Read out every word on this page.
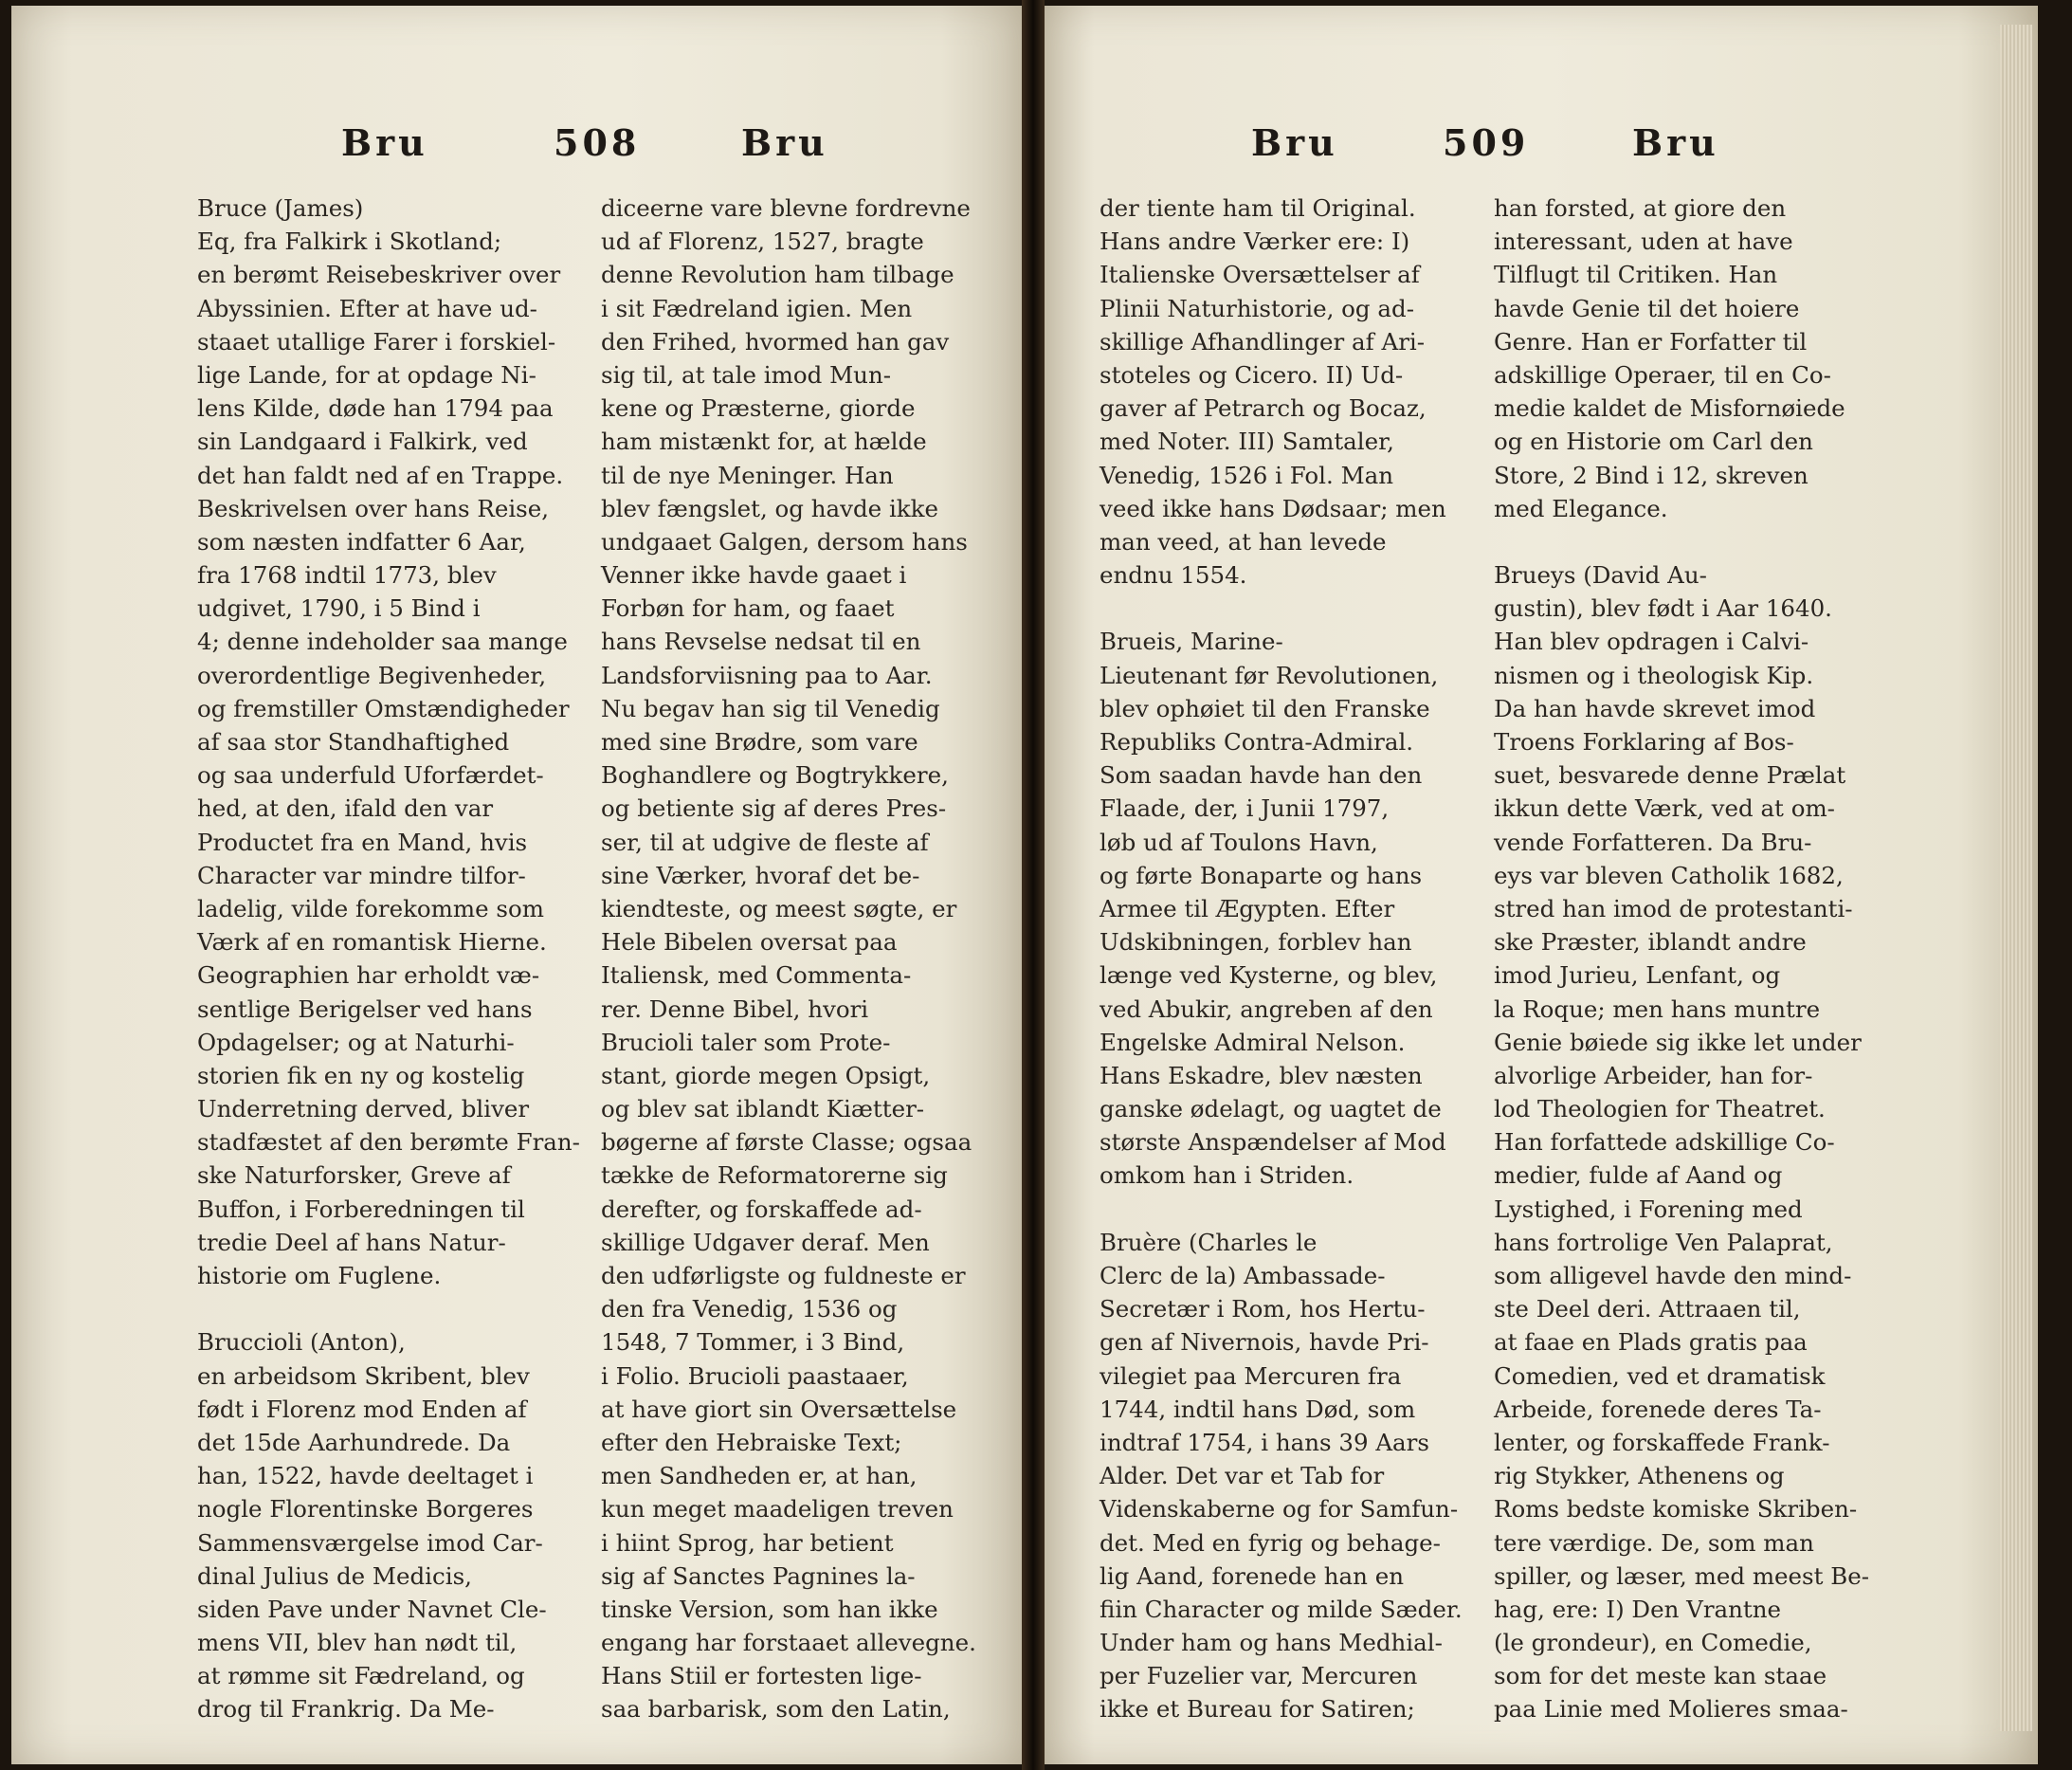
Bru	508	Bru
Bruce (James)
Eq, fra Falkirk i Skotland;
en berømt Reisebeskriver over
Abyssinien. Efter at have ud-
staaet utallige Farer i forskiel-
lige Lande, for at opdage Ni-
lens Kilde, døde han 1794 paa
sin Landgaard i Falkirk, ved
det han faldt ned af en Trappe.
Beskrivelsen over hans Reise,
som næsten indfatter 6 Aar,
fra 1768 indtil 1773, blev
udgivet, 1790, i 5 Bind i
4; denne indeholder saa mange
overordentlige Begivenheder,
og fremstiller Omstændigheder
af saa stor Standhaftighed
og saa underfuld Uforfærdet-
hed, at den, ifald den var
Productet fra en Mand, hvis
Character var mindre tilfor-
ladelig, vilde forekomme som
Værk af en romantisk Hierne.
Geographien har erholdt væ-
sentlige Berigelser ved hans
Opdagelser; og at Naturhi-
storien fik en ny og kostelig
Underretning derved, bliver
stadfæstet af den berømte Fran-
ske Naturforsker, Greve af
Buffon, i Forberedningen til
tredie Deel af hans Natur-
historie om Fuglene.
Bruccioli (Anton),
en arbeidsom Skribent, blev
født i Florenz mod Enden af
det 15de Aarhundrede. Da
han, 1522, havde deeltaget i
nogle Florentinske Borgeres
Sammensværgelse imod Car-
dinal Julius de Medicis,
siden Pave under Navnet Cle-
mens VII, blev han nødt til,
at rømme sit Fædreland, og
drog til Frankrig. Da Me-
diceerne vare blevne fordrevne
ud af Florenz, 1527, bragte
denne Revolution ham tilbage
i sit Fædreland igien. Men
den Frihed, hvormed han gav
sig til, at tale imod Mun-
kene og Præsterne, giorde
ham mistænkt for, at hælde
til de nye Meninger. Han
blev fængslet, og havde ikke
undgaaet Galgen, dersom hans
Venner ikke havde gaaet i
Forbøn for ham, og faaet
hans Revselse nedsat til en
Landsforviisning paa to Aar.
Nu begav han sig til Venedig
med sine Brødre, som vare
Boghandlere og Bogtrykkere,
og betiente sig af deres Pres-
ser, til at udgive de fleste af
sine Værker, hvoraf det be-
kiendteste, og meest søgte, er
Hele Bibelen oversat paa
Italiensk, med Commenta-
rer. Denne Bibel, hvori
Brucioli taler som Prote-
stant, giorde megen Opsigt,
og blev sat iblandt Kiætter-
bøgerne af første Classe; ogsaa
tække de Reformatorerne sig
derefter, og forskaffede ad-
skillige Udgaver deraf. Men
den udførligste og fuldneste er
den fra Venedig, 1536 og
1548, 7 Tommer, i 3 Bind,
i Folio. Brucioli paastaaer,
at have giort sin Oversættelse
efter den Hebraiske Text;
men Sandheden er, at han,
kun meget maadeligen treven
i hiint Sprog, har betient
sig af Sanctes Pagnines la-
tinske Version, som han ikke
engang har forstaaet allevegne.
Hans Stiil er fortesten lige-
saa barbarisk, som den Latin,
Bru	509	Bru
der tiente ham til Original.
Hans andre Værker ere: I)
Italienske Oversættelser af
Plinii Naturhistorie, og ad-
skillige Afhandlinger af Ari-
stoteles og Cicero. II) Ud-
gaver af Petrarch og Bocaz,
med Noter. III) Samtaler,
Venedig, 1526 i Fol. Man
veed ikke hans Dødsaar; men
man veed, at han levede
endnu 1554.
Brueis, Marine-
Lieutenant før Revolutionen,
blev ophøiet til den Franske
Republiks Contra-Admiral.
Som saadan havde han den
Flaade, der, i Junii 1797,
løb ud af Toulons Havn,
og førte Bonaparte og hans
Armee til Ægypten. Efter
Udskibningen, forblev han
længe ved Kysterne, og blev,
ved Abukir, angreben af den
Engelske Admiral Nelson.
Hans Eskadre, blev næsten
ganske ødelagt, og uagtet de
største Anspændelser af Mod
omkom han i Striden.
Bruère (Charles le
Clerc de la) Ambassade-
Secretær i Rom, hos Hertu-
gen af Nivernois, havde Pri-
vilegiet paa Mercuren fra
1744, indtil hans Død, som
indtraf 1754, i hans 39 Aars
Alder. Det var et Tab for
Videnskaberne og for Samfun-
det. Med en fyrig og behage-
lig Aand, forenede han en
fiin Character og milde Sæder.
Under ham og hans Medhial-
per Fuzelier var, Mercuren
ikke et Bureau for Satiren;
han forsted, at giore den
interessant, uden at have
Tilflugt til Critiken. Han
havde Genie til det hoiere
Genre. Han er Forfatter til
adskillige Operaer, til en Co-
medie kaldet de Misfornøiede
og en Historie om Carl den
Store, 2 Bind i 12, skreven
med Elegance.
Brueys (David Au-
gustin), blev født i Aar 1640.
Han blev opdragen i Calvi-
nismen og i theologisk Kip.
Da han havde skrevet imod
Troens Forklaring af Bos-
suet, besvarede denne Prælat
ikkun dette Værk, ved at om-
vende Forfatteren. Da Bru-
eys var bleven Catholik 1682,
stred han imod de protestanti-
ske Præster, iblandt andre
imod Jurieu, Lenfant, og
la Roque; men hans muntre
Genie bøiede sig ikke let under
alvorlige Arbeider, han for-
lod Theologien for Theatret.
Han forfattede adskillige Co-
medier, fulde af Aand og
Lystighed, i Forening med
hans fortrolige Ven Palaprat,
som alligevel havde den mind-
ste Deel deri. Attraaen til,
at faae en Plads gratis paa
Comedien, ved et dramatisk
Arbeide, forenede deres Ta-
lenter, og forskaffede Frank-
rig Stykker, Athenens og
Roms bedste komiske Skriben-
tere værdige. De, som man
spiller, og læser, med meest Be-
hag, ere: I) Den Vrantne
(le grondeur), en Comedie,
som for det meste kan staae
paa Linie med Molieres smaa-
